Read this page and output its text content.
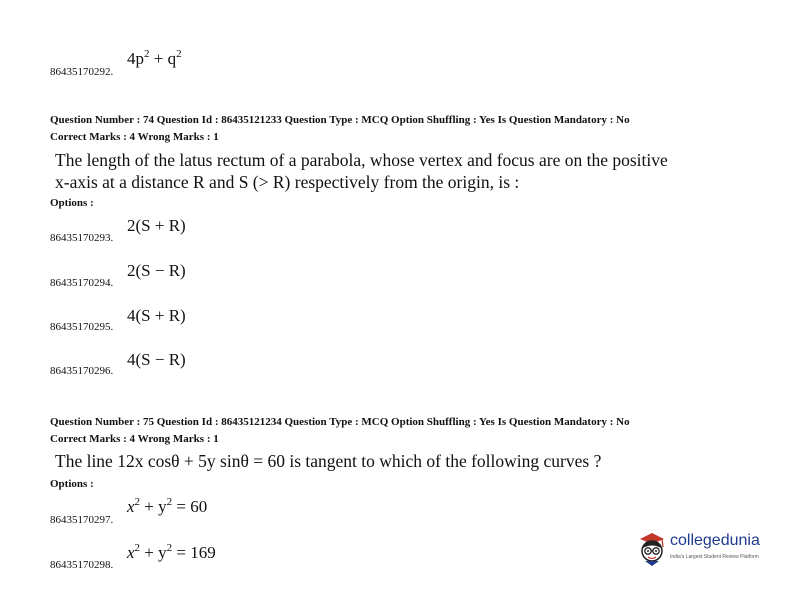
86435170292.
$4p^2 + q^2$
Question Number : 74 Question Id : 86435121233 Question Type : MCQ Option Shuffling : Yes Is Question Mandatory : No
Correct Marks : 4 Wrong Marks : 1
The length of the latus rectum of a parabola, whose vertex and focus are on the positive
x-axis at a distance R and S (> R) respectively from the origin, is :
Options :
86435170293.
2(S + R)
86435170294.
2(S − R)
86435170295.
4(S + R)
86435170296.
4(S − R)
Question Number : 75 Question Id : 86435121234 Question Type : MCQ Option Shuffling : Yes Is Question Mandatory : No
Correct Marks : 4 Wrong Marks : 1
The line 12x cosθ + 5y sinθ = 60 is tangent to which of the following curves ?
Options :
86435170297.
$x^2 + y^2 = 60$
86435170298.
$x^2 + y^2 = 169$
collegedunia
India's Largest Student Review Platform
